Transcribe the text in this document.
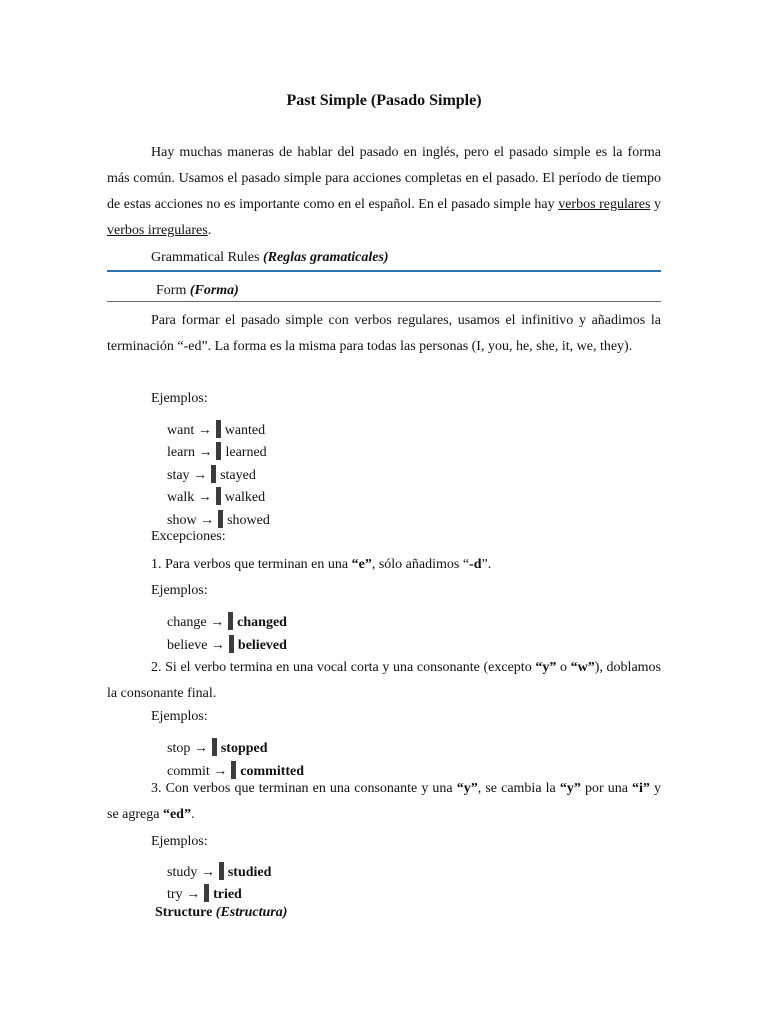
Past Simple (Pasado Simple)
Hay muchas maneras de hablar del pasado en inglés, pero el pasado simple es la forma más común. Usamos el pasado simple para acciones completas en el pasado. El período de tiempo de estas acciones no es importante como en el español. En el pasado simple hay verbos regulares y verbos irregulares.
Grammatical Rules (Reglas gramaticales)
Form (Forma)
Para formar el pasado simple con verbos regulares, usamos el infinitivo y añadimos la terminación “-ed”. La forma es la misma para todas las personas (I, you, he, she, it, we, they).
Ejemplos:
want → wanted
learn → learned
stay → stayed
walk → walked
show → showed
Excepciones:
1. Para verbos que terminan en una “e”, sólo añadimos “-d”.
Ejemplos:
change → changed
believe → believed
2. Si el verbo termina en una vocal corta y una consonante (excepto “y” o “w”), doblamos la consonante final.
Ejemplos:
stop → stopped
commit → committed
3. Con verbos que terminan en una consonante y una “y”, se cambia la “y” por una “i” y se agrega “ed”.
Ejemplos:
study → studied
try → tried
Structure (Estructura)
